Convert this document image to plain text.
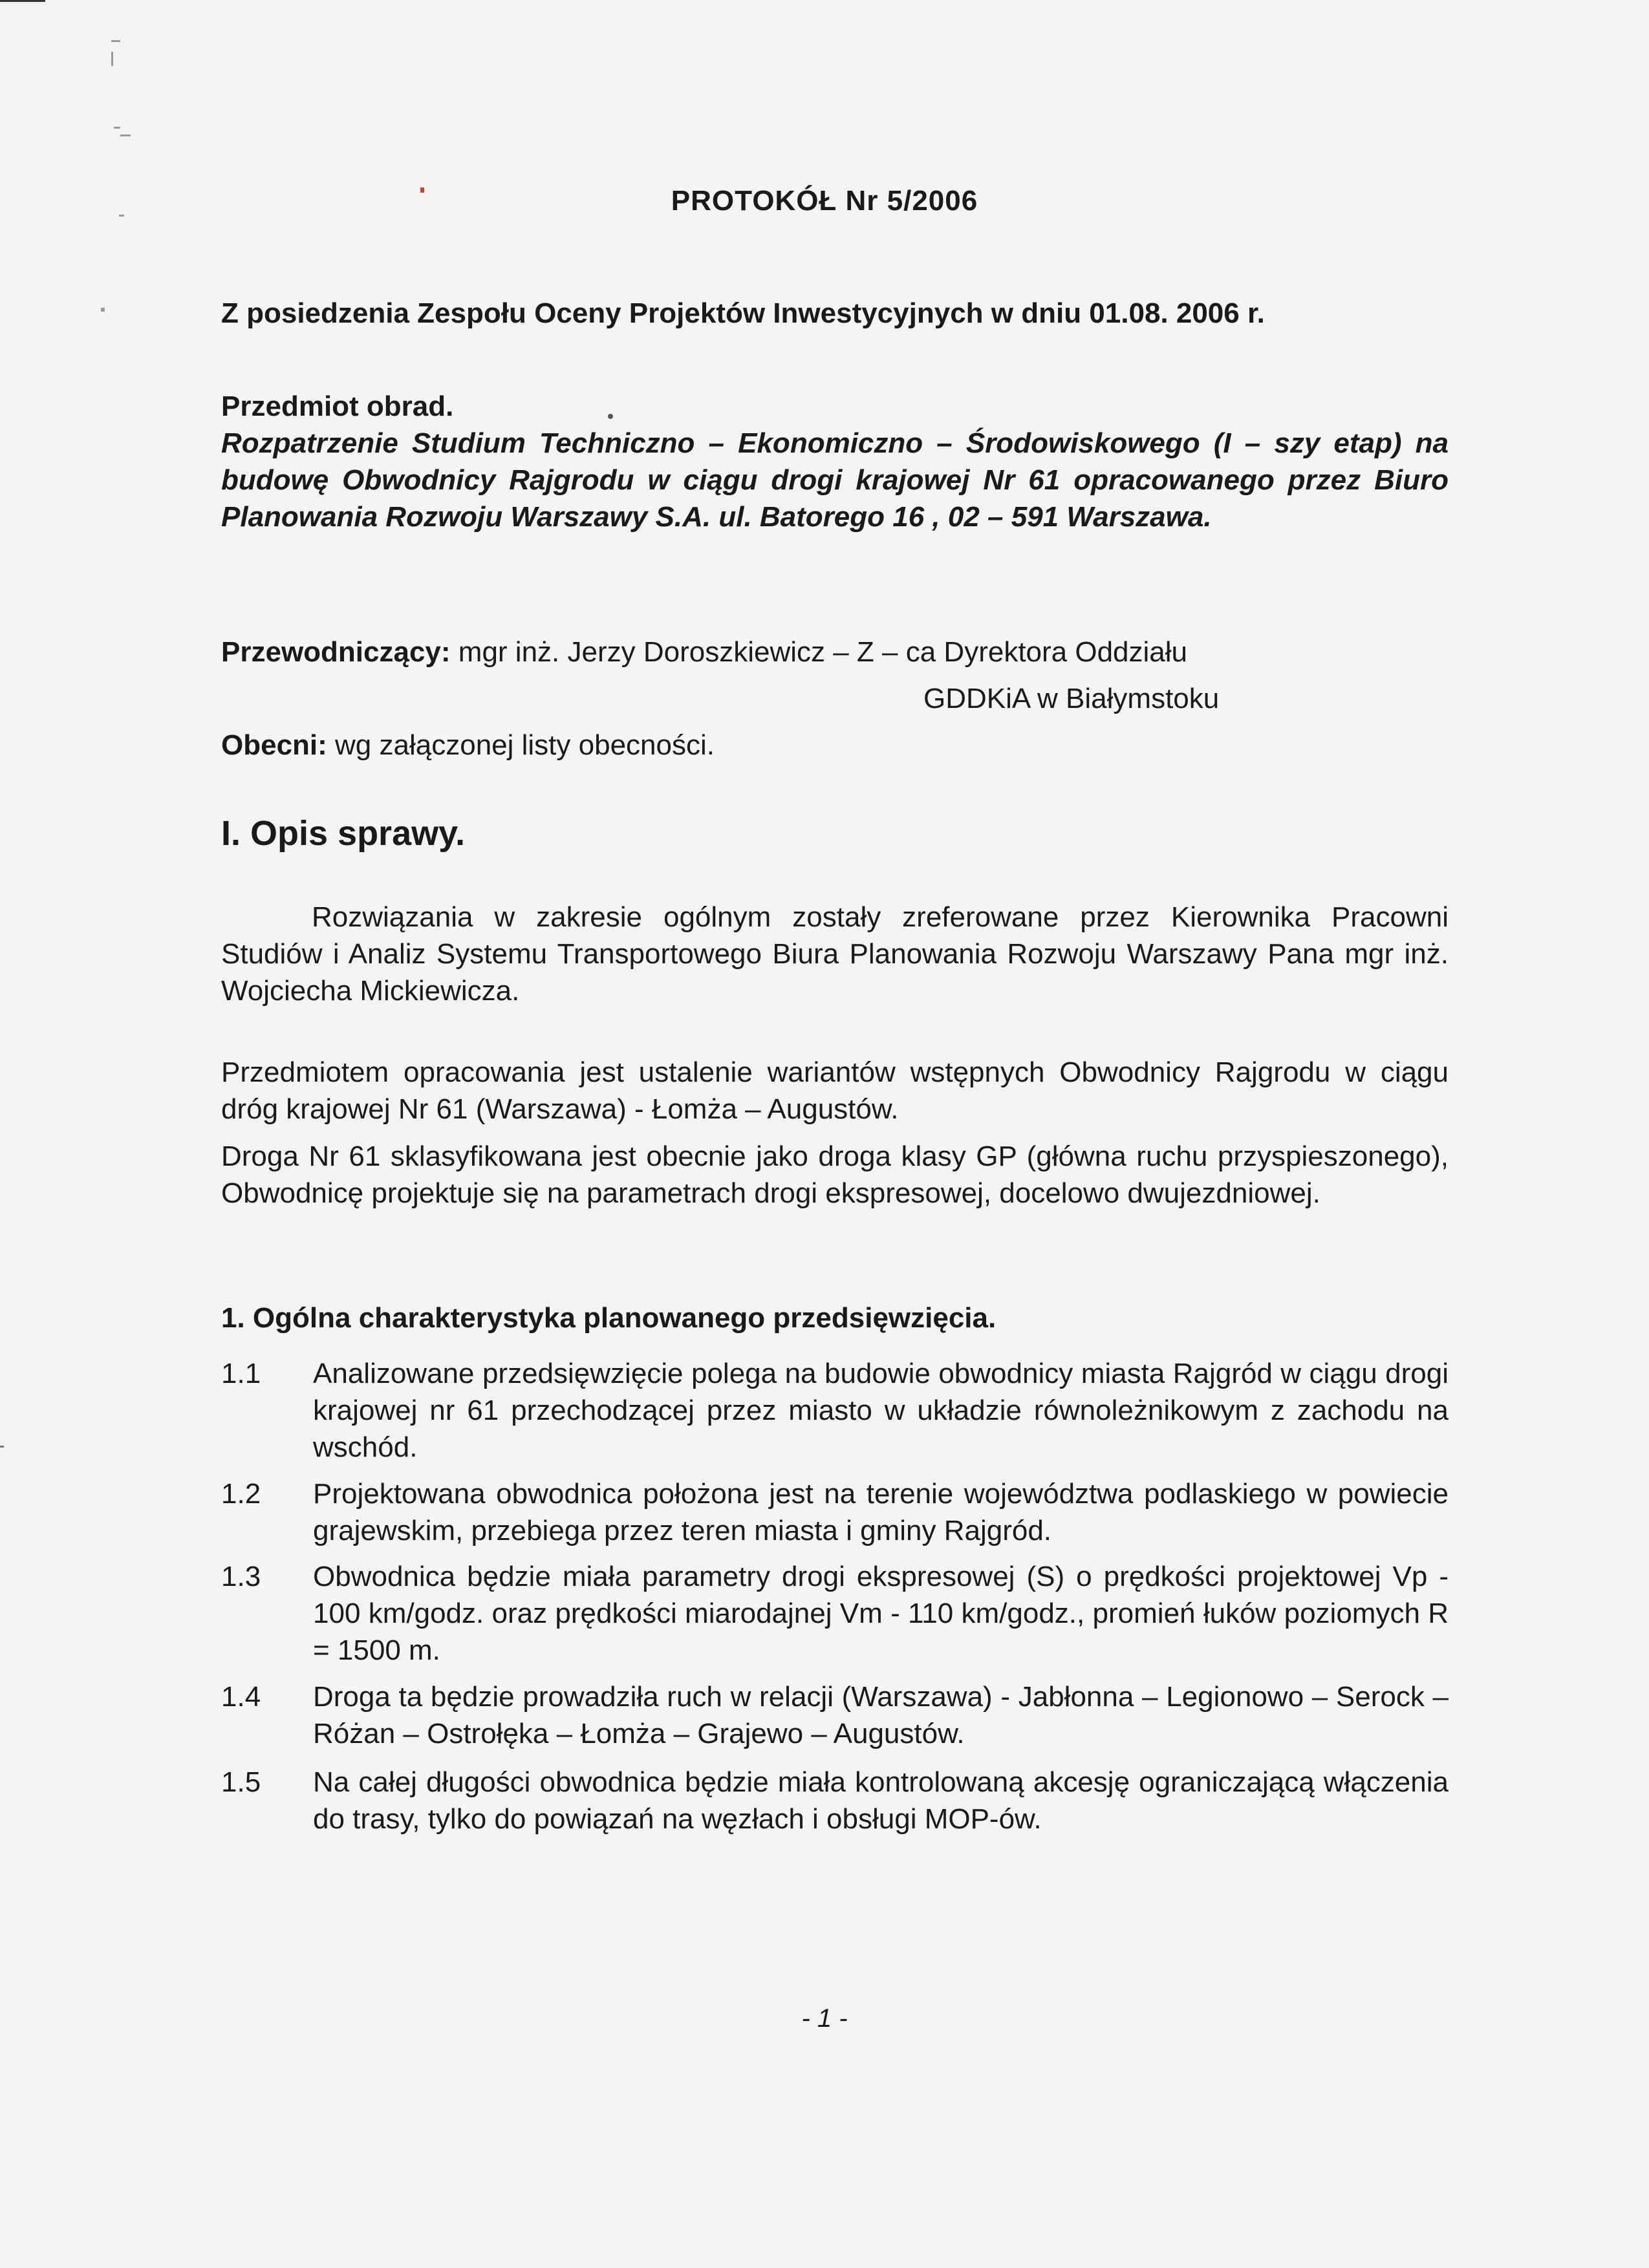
PROTOKÓŁ Nr 5/2006
Z posiedzenia Zespołu Oceny Projektów Inwestycyjnych w dniu 01.08. 2006 r.
Przedmiot obrad.
Rozpatrzenie Studium Techniczno – Ekonomiczno – Środowiskowego (I – szy etap) na budowę Obwodnicy Rajgrodu w ciągu drogi krajowej Nr 61 opracowanego przez Biuro Planowania Rozwoju Warszawy S.A. ul. Batorego 16 , 02 – 591 Warszawa.
Przewodniczący: mgr inż. Jerzy Doroszkiewicz – Z – ca Dyrektora Oddziału
GDDKiA w Białymstoku
Obecni: wg załączonej listy obecności.
I. Opis sprawy.
Rozwiązania w zakresie ogólnym zostały zreferowane przez Kierownika Pracowni Studiów i Analiz Systemu Transportowego Biura Planowania Rozwoju Warszawy Pana mgr inż. Wojciecha Mickiewicza.
Przedmiotem opracowania jest ustalenie wariantów wstępnych Obwodnicy Rajgrodu w ciągu dróg krajowej Nr 61 (Warszawa) - Łomża – Augustów.
Droga Nr 61 sklasyfikowana jest obecnie jako droga klasy GP (główna ruchu przyspieszonego), Obwodnicę projektuje się na parametrach drogi ekspresowej, docelowo dwujezdniowej.
1. Ogólna charakterystyka planowanego przedsięwzięcia.
1.1	Analizowane przedsięwzięcie polega na budowie obwodnicy miasta Rajgród w ciągu drogi krajowej nr 61 przechodzącej przez miasto w układzie równoleżnikowym z zachodu na wschód.
1.2	Projektowana obwodnica położona jest na terenie województwa podlaskiego w powiecie grajewskim, przebiega przez teren miasta i gminy Rajgród.
1.3	Obwodnica będzie miała parametry drogi ekspresowej (S) o prędkości projektowej Vp - 100 km/godz. oraz prędkości miarodajnej Vm - 110 km/godz., promień łuków poziomych R = 1500 m.
1.4	Droga ta będzie prowadziła ruch w relacji (Warszawa) - Jabłonna – Legionowo – Serock – Różan – Ostrołęka – Łomża – Grajewo – Augustów.
1.5	Na całej długości obwodnica będzie miała kontrolowaną akcesję ograniczającą włączenia do trasy, tylko do powiązań na węzłach i obsługi MOP-ów.
- 1 -
